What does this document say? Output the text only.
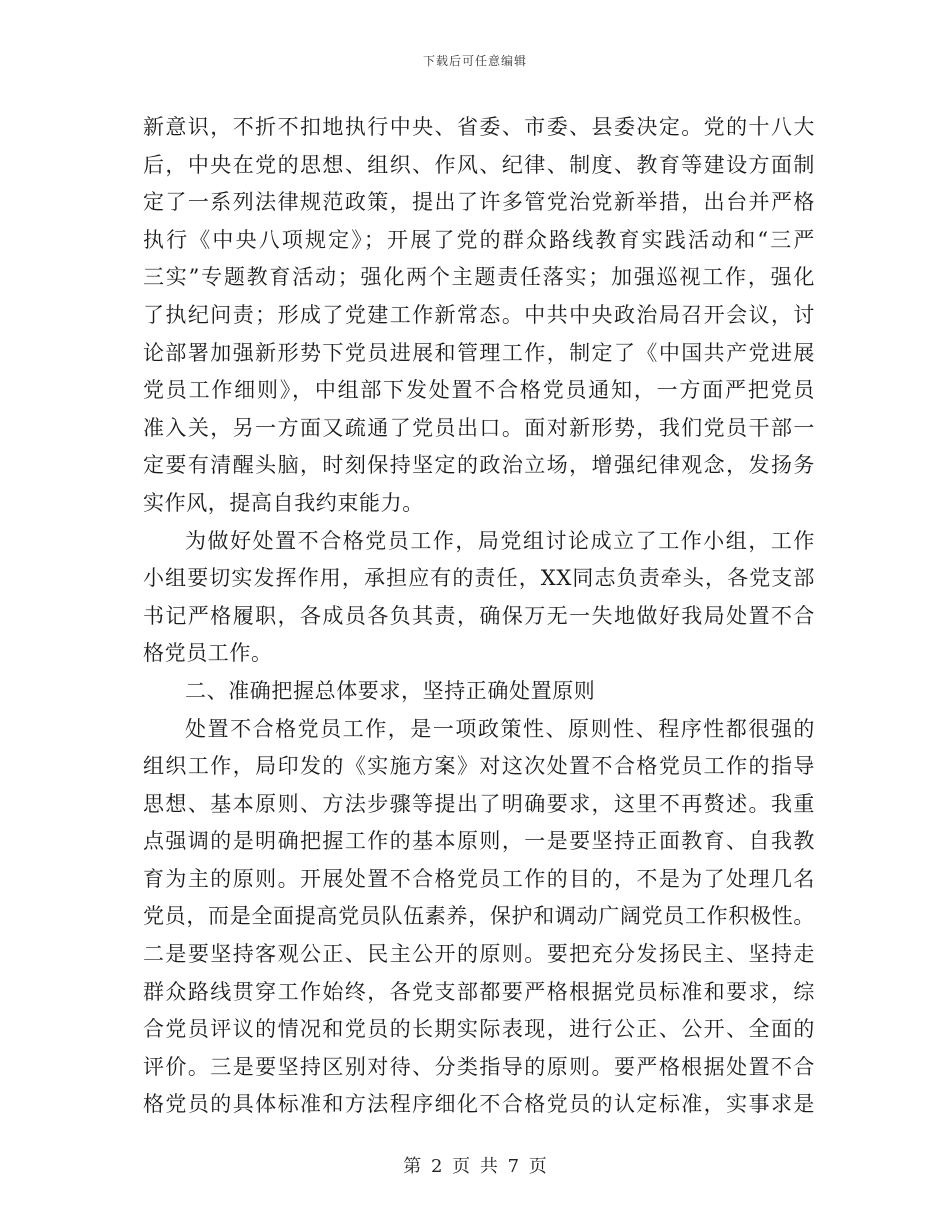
下载后可任意编辑
新意识，不折不扣地执行中央、省委、市委、县委决定。党的十八大
后，中央在党的思想、组织、作风、纪律、制度、教育等建设方面制
定了一系列法律规范政策，提出了许多管党治党新举措，出台并严格
执行《中央八项规定》；开展了党的群众路线教育实践活动和“三严
三实”专题教育活动；强化两个主题责任落实；加强巡视工作，强化
了执纪问责；形成了党建工作新常态。中共中央政治局召开会议，讨
论部署加强新形势下党员进展和管理工作，制定了《中国共产党进展
党员工作细则》，中组部下发处置不合格党员通知，一方面严把党员
准入关，另一方面又疏通了党员出口。面对新形势，我们党员干部一
定要有清醒头脑，时刻保持坚定的政治立场，增强纪律观念，发扬务
实作风，提高自我约束能力。
为做好处置不合格党员工作，局党组讨论成立了工作小组，工作
小组要切实发挥作用，承担应有的责任，XX同志负责牵头，各党支部
书记严格履职，各成员各负其责，确保万无一失地做好我局处置不合
格党员工作。
二、准确把握总体要求，坚持正确处置原则
处置不合格党员工作，是一项政策性、原则性、程序性都很强的
组织工作，局印发的《实施方案》对这次处置不合格党员工作的指导
思想、基本原则、方法步骤等提出了明确要求，这里不再赘述。我重
点强调的是明确把握工作的基本原则，一是要坚持正面教育、自我教
育为主的原则。开展处置不合格党员工作的目的，不是为了处理几名
党员，而是全面提高党员队伍素养，保护和调动广阔党员工作积极性。
二是要坚持客观公正、民主公开的原则。要把充分发扬民主、坚持走
群众路线贯穿工作始终，各党支部都要严格根据党员标准和要求，综
合党员评议的情况和党员的长期实际表现，进行公正、公开、全面的
评价。三是要坚持区别对待、分类指导的原则。要严格根据处置不合
格党员的具体标准和方法程序细化不合格党员的认定标准，实事求是
第 2 页 共 7 页
